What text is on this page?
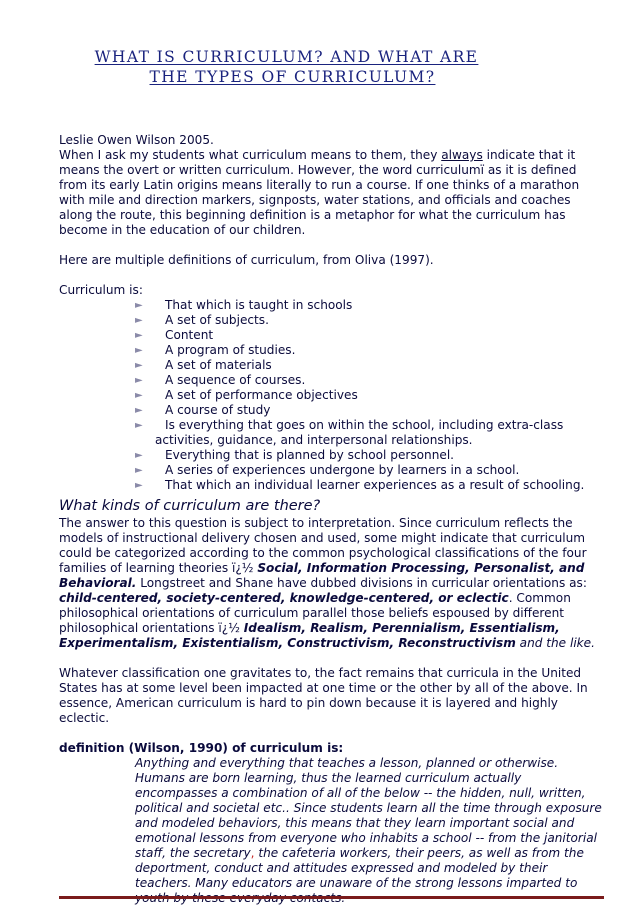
WHAT IS CURRICULUM? AND WHAT ARE
THE TYPES OF CURRICULUM?

Leslie Owen Wilson 2005.

When I ask my students what curriculum means to them, they always indicate that it means the overt or written curriculum. However, the word curriculumï as it is defined from its early Latin origins means literally to run a course. If one thinks of a marathon with mile and direction markers, signposts, water stations, and officials and coaches along the route, this beginning definition is a metaphor for what the curriculum has become in the education of our children.

Here are multiple definitions of curriculum, from Oliva (1997).

Curriculum is:

► That which is taught in schools
► A set of subjects.
► Content
► A program of studies.
► A set of materials
► A sequence of courses.
► A set of performance objectives
► A course of study
► Is everything that goes on within the school, including extra-class
activities, guidance, and interpersonal relationships.
► Everything that is planned by school personnel.
► A series of experiences undergone by learners in a school.
► That which an individual learner experiences as a result of schooling.
What kinds of curriculum are there?

The answer to this question is subject to interpretation. Since curriculum reflects the models of instructional delivery chosen and used, some might indicate that curriculum could be categorized according to the common psychological classifications of the four families of learning theories ï¿½ Social, Information Processing, Personalist, and Behavioral. Longstreet and Shane have dubbed divisions in curricular orientations as: child-centered, society-centered, knowledge-centered, or eclectic. Common philosophical orientations of curriculum parallel those beliefs espoused by different philosophical orientations ï¿½ Idealism, Realism, Perennialism, Essentialism, Experimentalism, Existentialism, Constructivism, Reconstructivism and the like.

Whatever classification one gravitates to, the fact remains that curricula in the United States has at some level been impacted at one time or the other by all of the above. In essence, American curriculum is hard to pin down because it is layered and highly eclectic.

definition (Wilson, 1990) of curriculum is:

Anything and everything that teaches a lesson, planned or otherwise. Humans are born learning, thus the learned curriculum actually encompasses a combination of all of the below -- the hidden, null, written, political and societal etc.. Since students learn all the time through exposure and modeled behaviors, this means that they learn important social and emotional lessons from everyone who inhabits a school -- from the janitorial staff, the secretary, the cafeteria workers, their peers, as well as from the deportment, conduct and attitudes expressed and modeled by their teachers. Many educators are unaware of the strong lessons imparted to
